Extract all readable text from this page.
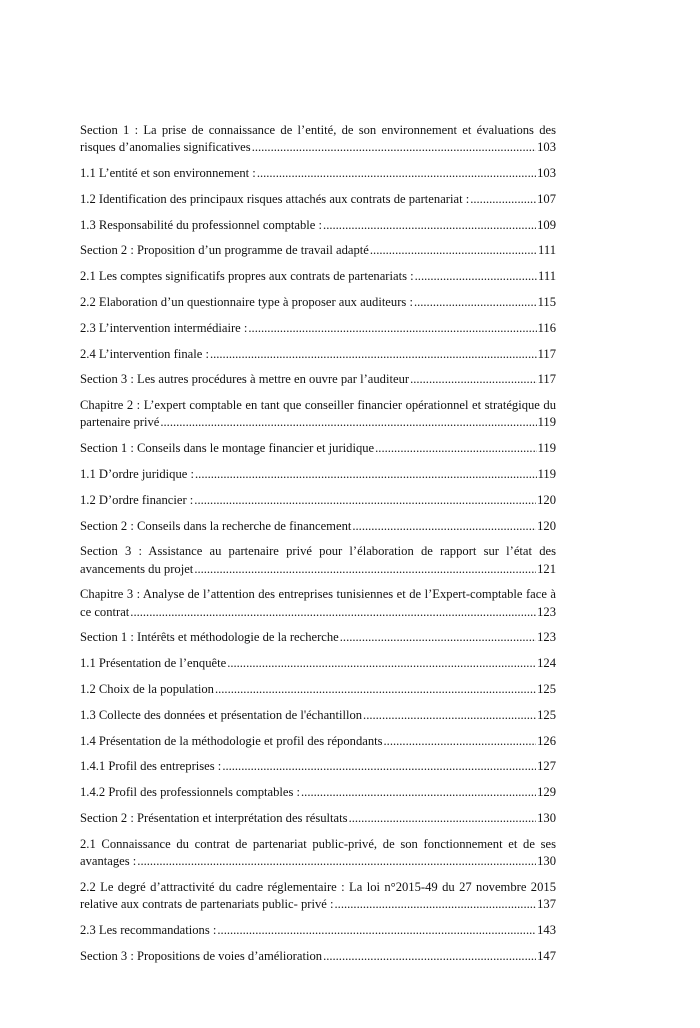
Section 1 : La prise de connaissance de l’entité, de son environnement et évaluations des
risques d’anomalies significatives .....	103
1.1 L’entité et son environnement : .....	103
1.2 Identification des principaux risques attachés aux contrats de partenariat : .....	107
1.3 Responsabilité du professionnel comptable : .....	109
Section 2 : Proposition d’un programme de travail adapté .....	111
2.1 Les comptes significatifs propres aux contrats de partenariats : .....	111
2.2 Elaboration d’un questionnaire type à proposer aux auditeurs : .....	115
2.3 L’intervention intermédiaire : .....	116
2.4 L’intervention finale : .....	117
Section 3 : Les autres procédures à mettre en ouvre par l’auditeur .....	117
Chapitre 2 : L’expert comptable en tant que conseiller financier opérationnel et stratégique du
partenaire privé .....	119
Section 1 : Conseils dans le montage financier et juridique .....	119
1.1 D’ordre juridique : .....	119
1.2 D’ordre financier : .....	120
Section 2 : Conseils dans la recherche de financement .....	120
Section 3 : Assistance au partenaire privé pour l’élaboration de rapport sur l’état des
avancements du projet .....	121
Chapitre 3 : Analyse de l’attention des entreprises tunisiennes et de l’Expert-comptable face à
ce contrat .....	123
Section 1 : Intérêts et méthodologie de la recherche .....	123
1.1 Présentation de l’enquête .....	124
1.2 Choix de la population .....	125
1.3 Collecte des données et présentation de l'échantillon .....	125
1.4 Présentation de la méthodologie et profil des répondants .....	126
1.4.1 Profil des entreprises : .....	127
1.4.2 Profil des professionnels comptables : .....	129
Section 2 : Présentation et interprétation des résultats .....	130
2.1 Connaissance du contrat de partenariat public-privé, de son fonctionnement et de ses
avantages : .....	130
2.2 Le degré d’attractivité du cadre réglementaire : La loi n°2015-49 du 27 novembre 2015
relative aux contrats de partenariats public- privé : .....	137
2.3 Les recommandations : .....	143
Section 3 : Propositions de voies d’amélioration .....	147
